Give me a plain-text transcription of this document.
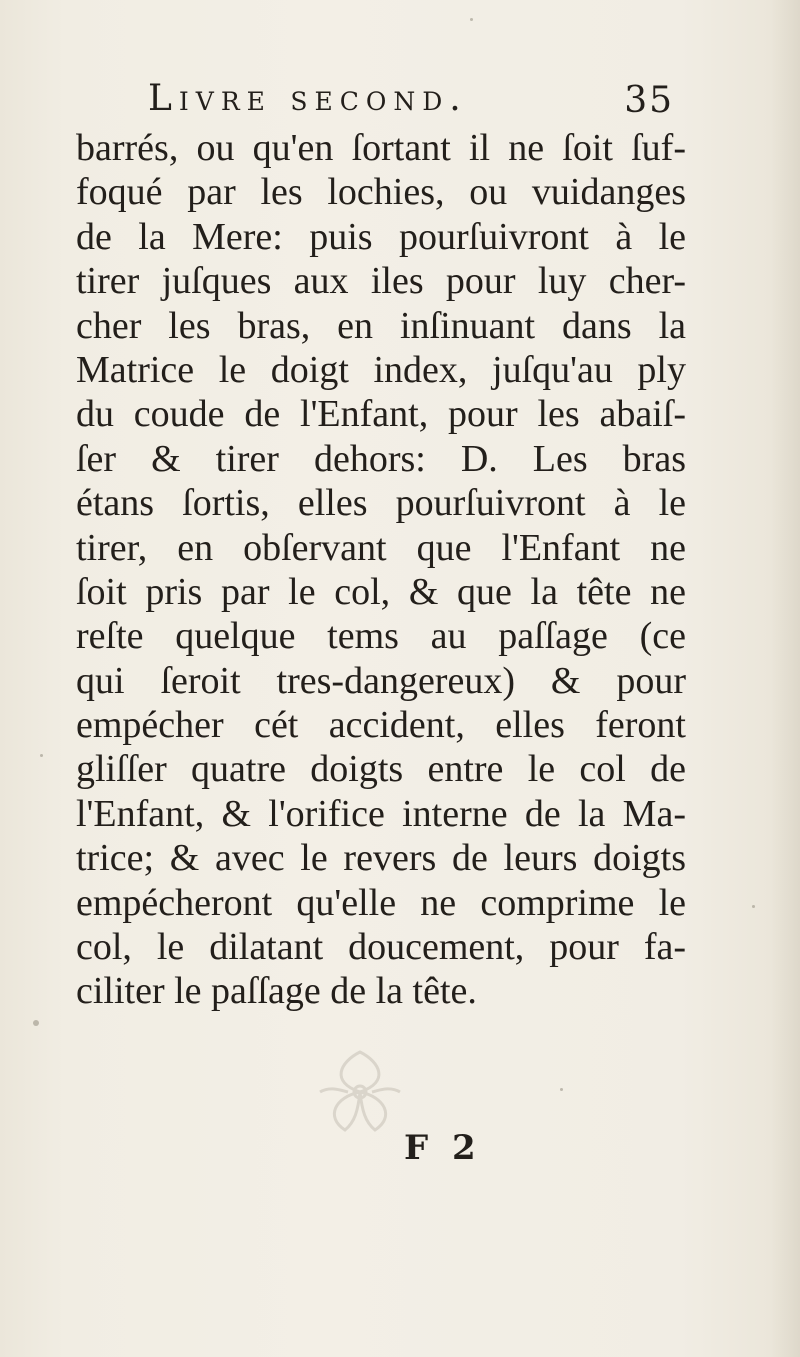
Livre second.	35
barrés, ou qu'en ſortant il ne ſoit ſuf-
foqué par les lochies, ou vuidanges
de la Mere: puis pourſuivront à le
tirer juſques aux iles pour luy cher-
cher les bras, en inſinuant dans la
Matrice le doigt index, juſqu'au ply
du coude de l'Enfant, pour les abaiſ-
ſer & tirer dehors: D. Les bras
étans ſortis, elles pourſuivront à le
tirer, en obſervant que l'Enfant ne
ſoit pris par le col, & que la tête ne
reſte quelque tems au paſſage (ce
qui ſeroit tres-dangereux) & pour
empécher cét accident, elles feront
gliſſer quatre doigts entre le col de
l'Enfant, & l'orifice interne de la Ma-
trice; & avec le revers de leurs doigts
empécheront qu'elle ne comprime le
col, le dilatant doucement, pour fa-
ciliter le paſſage de la tête.
F 2
